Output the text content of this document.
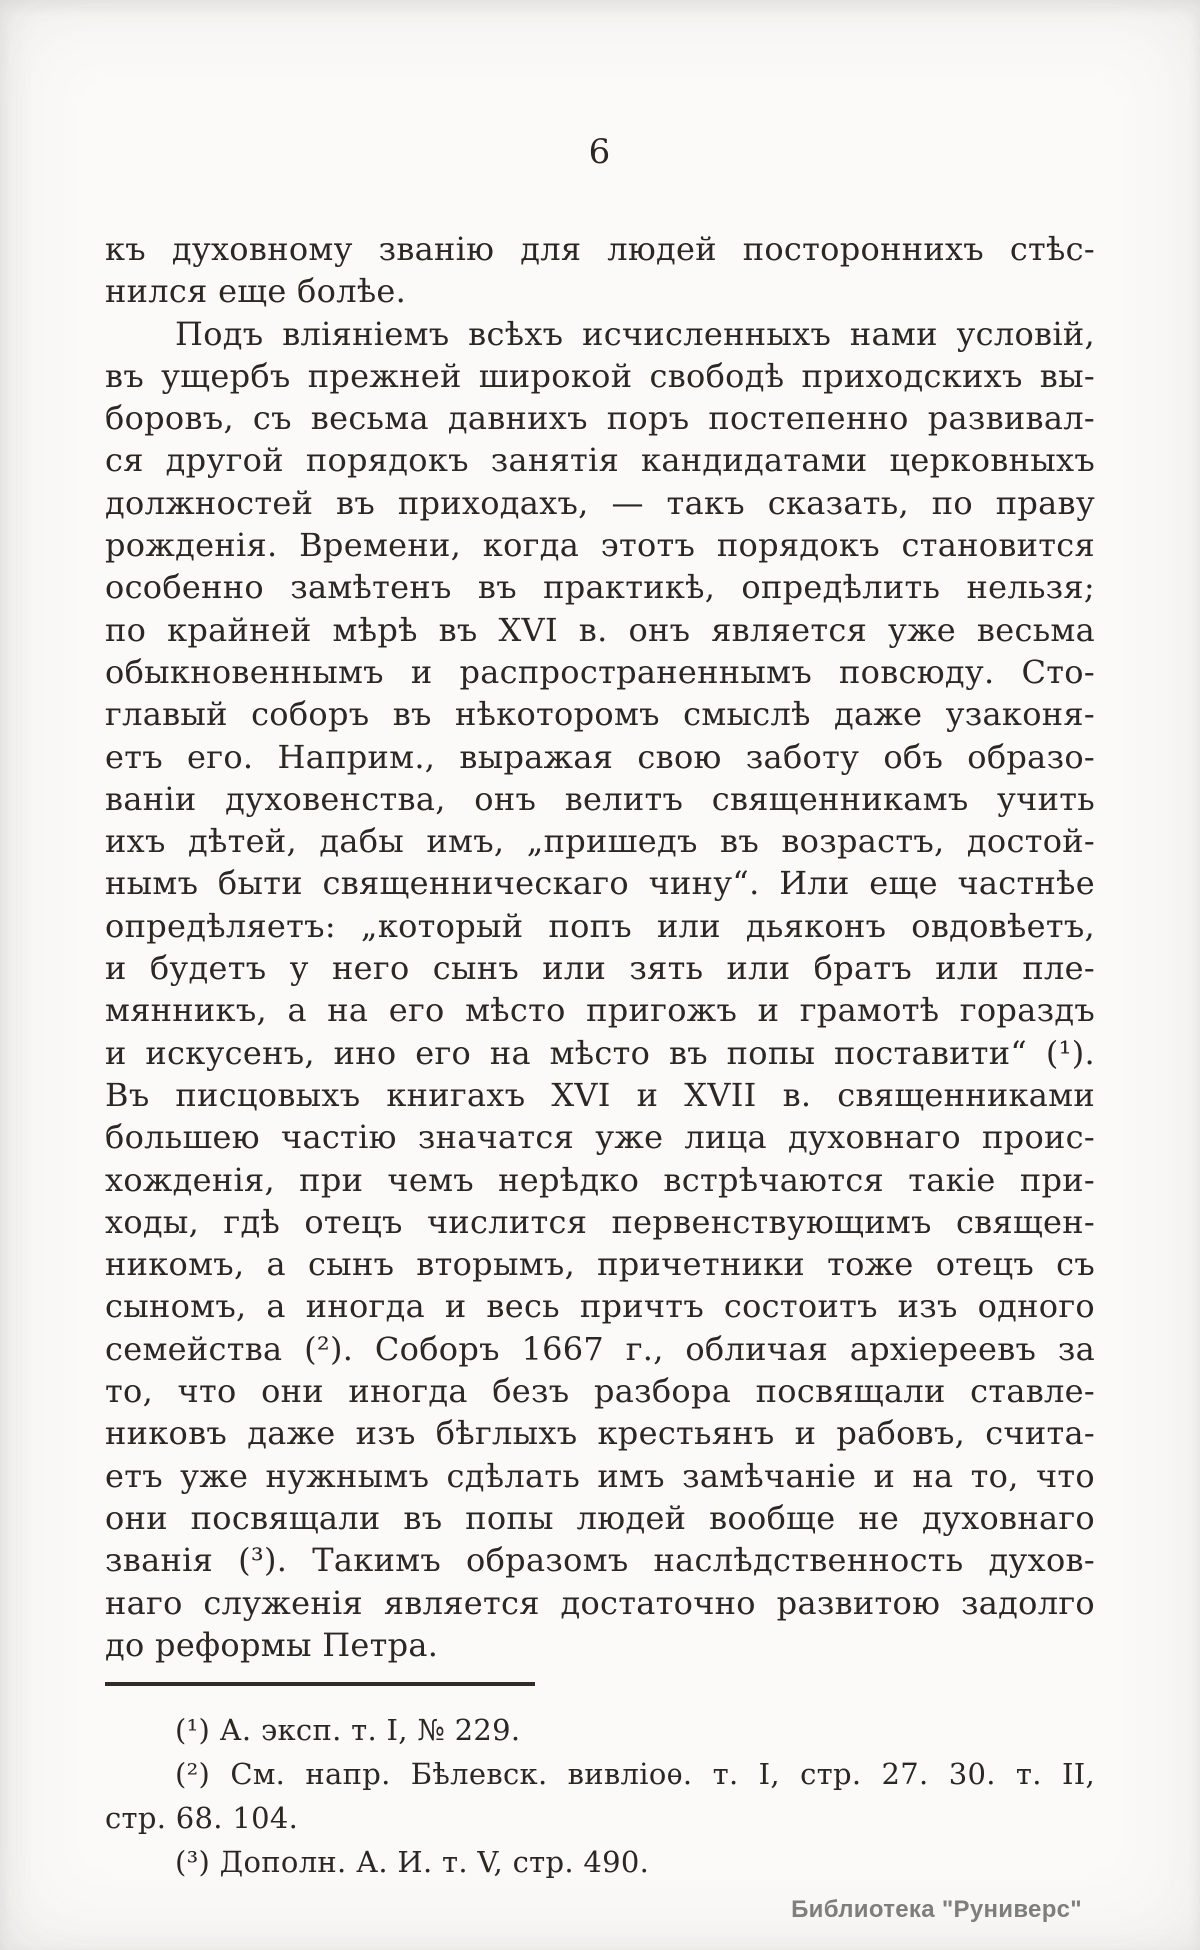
6
къ духовному званію для людей постороннихъ стѣс-
нился еще болѣе.
Подъ вліяніемъ всѣхъ исчисленныхъ нами условій,
въ ущербъ прежней широкой свободѣ приходскихъ вы-
боровъ, съ весьма давнихъ поръ постепенно развивал-
ся другой порядокъ занятія кандидатами церковныхъ
должностей въ приходахъ, — такъ сказать, по праву
рожденія. Времени, когда этотъ порядокъ становится
особенно замѣтенъ въ практикѣ, опредѣлить нельзя;
по крайней мѣрѣ въ XVI в. онъ является уже весьма
обыкновеннымъ и распространеннымъ повсюду. Сто-
главый соборъ въ нѣкоторомъ смыслѣ даже узаконя-
етъ его. Наприм., выражая свою заботу объ образо-
ваніи духовенства, онъ велитъ священникамъ учить
ихъ дѣтей, дабы имъ, „пришедъ въ возрастъ, достой-
нымъ быти священническаго чину“. Или еще частнѣе
опредѣляетъ: „который попъ или дьяконъ овдовѣетъ,
и будетъ у него сынъ или зять или братъ или пле-
мянникъ, а на его мѣсто пригожъ и грамотѣ гораздъ
и искусенъ, ино его на мѣсто въ попы поставити“ (¹).
Въ писцовыхъ книгахъ XVI и XVII в. священниками
большею частію значатся уже лица духовнаго проис-
хожденія, при чемъ нерѣдко встрѣчаются такіе при-
ходы, гдѣ отецъ числится первенствующимъ священ-
никомъ, а сынъ вторымъ, причетники тоже отецъ съ
сыномъ, а иногда и весь причтъ состоитъ изъ одного
семейства (²). Соборъ 1667 г., обличая архіереевъ за
то, что они иногда безъ разбора посвящали ставле-
никовъ даже изъ бѣглыхъ крестьянъ и рабовъ, счита-
етъ уже нужнымъ сдѣлать имъ замѣчаніе и на то, что
они посвящали въ попы людей вообще не духовнаго
званія (³). Такимъ образомъ наслѣдственность духов-
наго служенія является достаточно развитою задолго
до реформы Петра.
(¹) А. эксп. т. I, № 229.
(²) См. напр. Бѣлевск. вивліоѳ. т. I, стр. 27. 30. т. II,
стр. 68. 104.
(³) Дополн. А. И. т. V, стр. 490.
Библиотека "Руниверс"
